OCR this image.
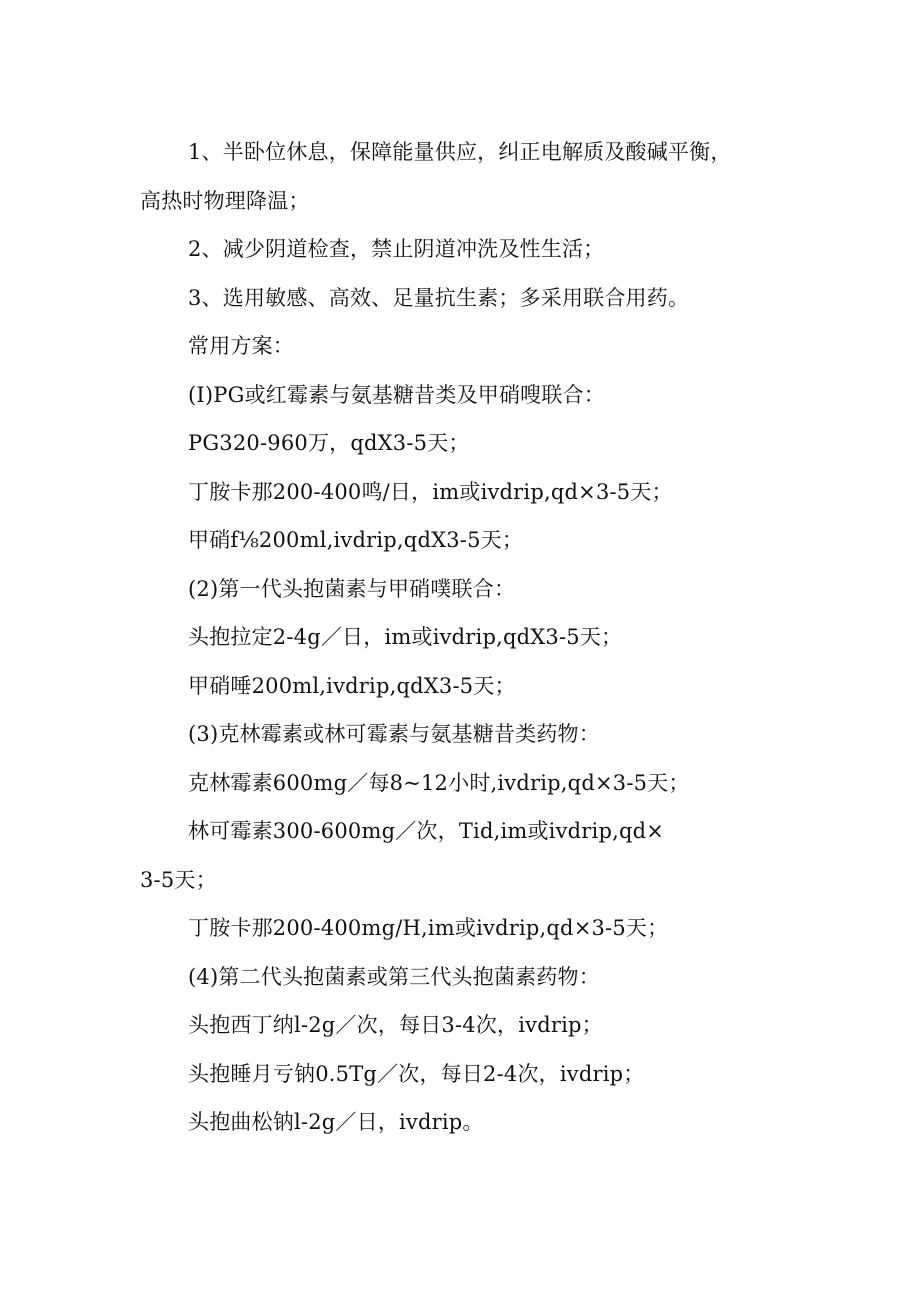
1、半卧位休息，保障能量供应，纠正电解质及酸碱平衡，
高热时物理降温；
2、减少阴道检查，禁止阴道冲洗及性生活；
3、选用敏感、高效、足量抗生素；多采用联合用药。
常用方案：
(I)PG或红霉素与氨基糖昔类及甲硝嗖联合：
PG320-960万，qdX3-5天；
丁胺卡那200-400鸣/日，im或ivdrip,qd×3-5天；
甲硝f⅛200ml,ivdrip,qdX3-5天；
(2)第一代头抱菌素与甲硝噗联合：
头抱拉定2-4g／日，im或ivdrip,qdX3-5天；
甲硝唾200ml,ivdrip,qdX3-5天；
(3)克林霉素或林可霉素与氨基糖昔类药物：
克林霉素600mg／每8~12小时,ivdrip,qd×3-5天；
林可霉素300-600mg／次，Tid,im或ivdrip,qd×
3-5天；
丁胺卡那200-400mg/H,im或ivdrip,qd×3-5天；
(4)第二代头抱菌素或第三代头抱菌素药物：
头抱西丁纳l-2g／次，每日3-4次，ivdrip；
头抱睡月亏钠0.5Tg／次，每日2-4次，ivdrip；
头抱曲松钠l-2g／日，ivdrip。
